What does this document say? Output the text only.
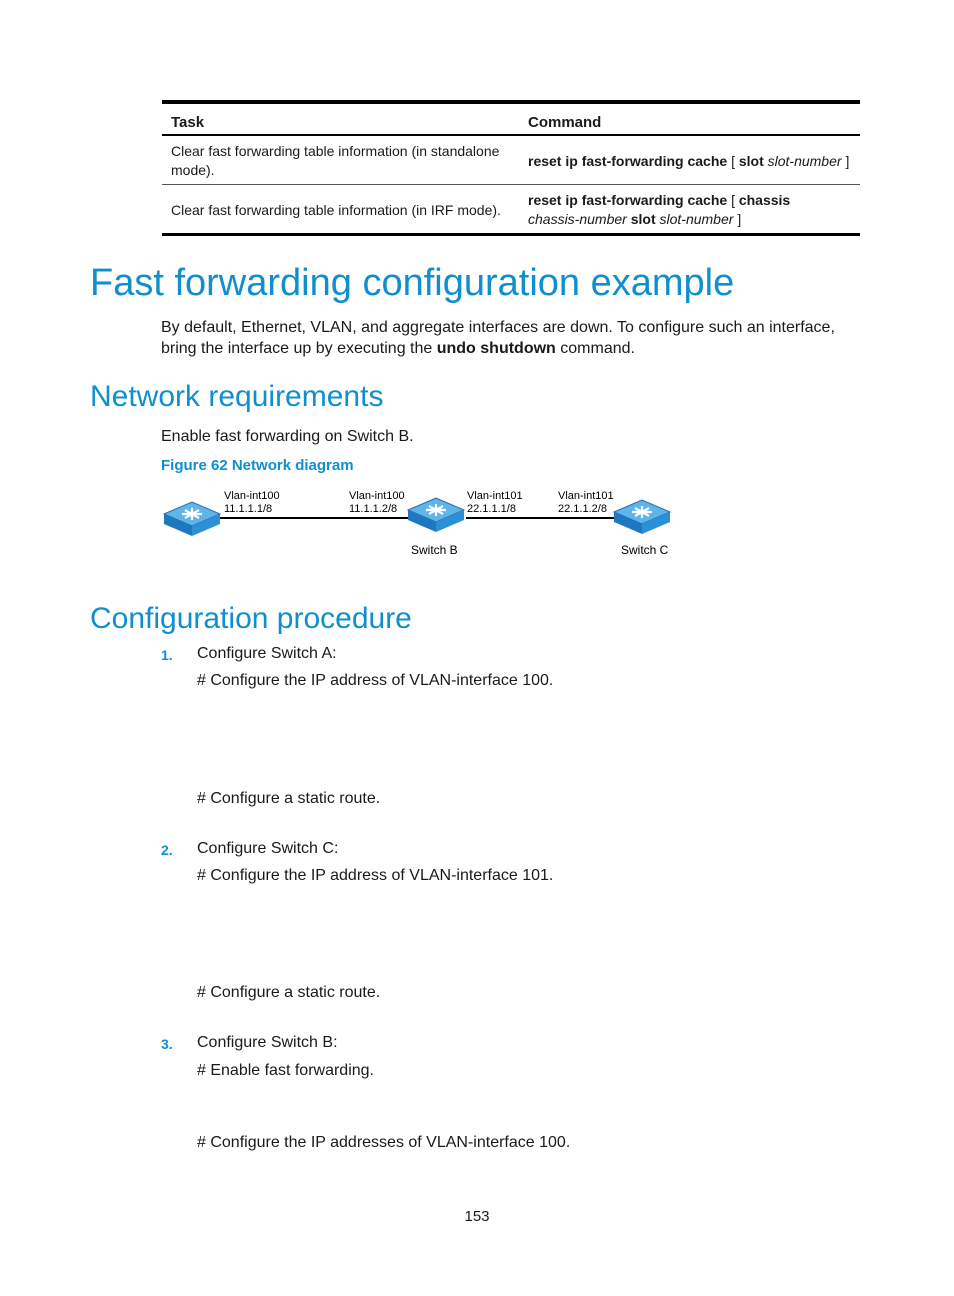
Task	Command
Clear fast forwarding table information (in standalone mode).	reset ip fast-forwarding cache [ slot slot-number ]
Clear fast forwarding table information (in IRF mode).	reset ip fast-forwarding cache [ chassis
chassis-number slot slot-number ]
Fast forwarding configuration example

By default, Ethernet, VLAN, and aggregate interfaces are down. To configure such an interface, bring the interface up by executing the undo shutdown command.

Network requirements

Enable fast forwarding on Switch B.

Figure 62 Network diagram
Vlan-int100
11.1.1.1/8
Vlan-int100
11.1.1.2/8
Vlan-int101
22.1.1.1/8
Vlan-int101
22.1.1.2/8
Switch B	Switch C
Configuration procedure
1. Configure Switch A:
# Configure the IP address of VLAN-interface 100.
# Configure a static route.
2. Configure Switch C:
# Configure the IP address of VLAN-interface 101.
# Configure a static route.
3. Configure Switch B:
# Enable fast forwarding.
# Configure the IP addresses of VLAN-interface 100.
153
